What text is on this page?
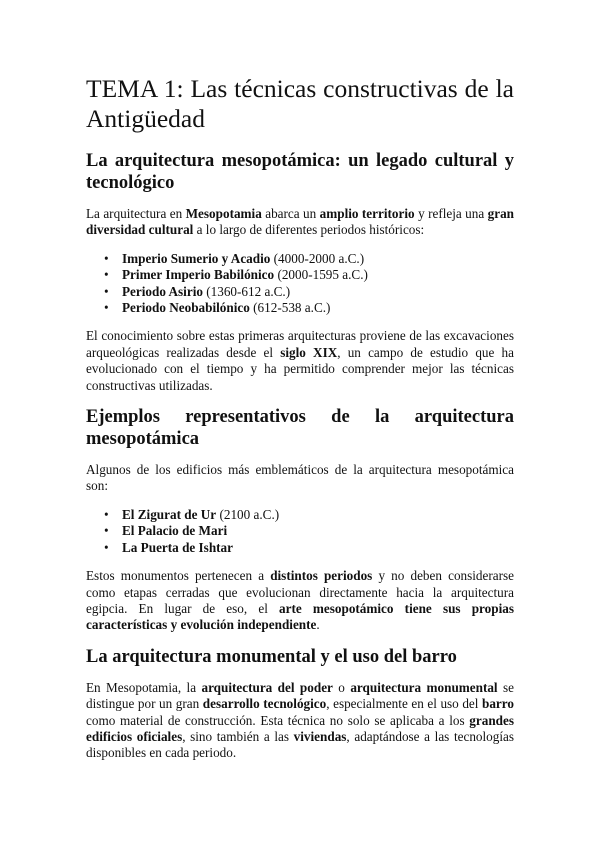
TEMA 1: Las técnicas constructivas de la Antigüedad
La arquitectura mesopotámica: un legado cultural y tecnológico

La arquitectura en Mesopotamia abarca un amplio territorio y refleja una gran diversidad cultural a lo largo de diferentes periodos históricos:

• Imperio Sumerio y Acadio (4000-2000 a.C.)
• Primer Imperio Babilónico (2000-1595 a.C.)
• Periodo Asirio (1360-612 a.C.)
• Periodo Neobabilónico (612-538 a.C.)

El conocimiento sobre estas primeras arquitecturas proviene de las excavaciones arqueológicas realizadas desde el siglo XIX, un campo de estudio que ha evolucionado con el tiempo y ha permitido comprender mejor las técnicas constructivas utilizadas.

Ejemplos representativos de la arquitectura mesopotámica

Algunos de los edificios más emblemáticos de la arquitectura mesopotámica son:

• El Zigurat de Ur (2100 a.C.)
• El Palacio de Mari
• La Puerta de Ishtar

Estos monumentos pertenecen a distintos periodos y no deben considerarse como etapas cerradas que evolucionan directamente hacia la arquitectura egipcia. En lugar de eso, el arte mesopotámico tiene sus propias características y evolución independiente.

La arquitectura monumental y el uso del barro

En Mesopotamia, la arquitectura del poder o arquitectura monumental se distingue por un gran desarrollo tecnológico, especialmente en el uso del barro como material de construcción. Esta técnica no solo se aplicaba a los grandes edificios oficiales, sino también a las viviendas, adaptándose a las tecnologías disponibles en cada periodo.
